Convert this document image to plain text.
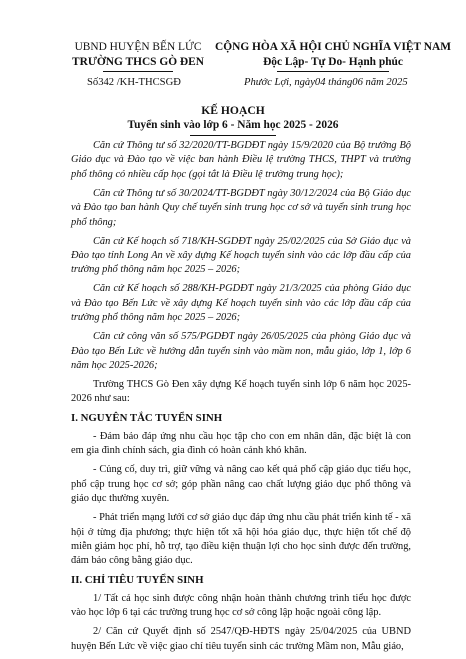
UBND HUYỆN BẾN LỨC
TRƯỜNG THCS GÒ ĐEN
CỘNG HÒA XÃ HỘI CHỦ NGHĨA VIỆT NAM
Độc Lập- Tự Do- Hạnh phúc
Số342 /KH-THCSGĐ	Phước Lợi, ngày04 tháng06 năm 2025
KẾ HOẠCH
Tuyển sinh vào lớp 6 - Năm học 2025 - 2026

Căn cứ Thông tư số 32/2020/TT-BGDĐT ngày 15/9/2020 của Bộ trưởng Bộ Giáo dục và Đào tạo về việc ban hành Điều lệ trường THCS, THPT và trường phổ thông có nhiều cấp học (gọi tắt là Điều lệ trường trung học);

Căn cứ Thông tư số 30/2024/TT-BGDĐT ngày 30/12/2024 của Bộ Giáo dục và Đào tạo ban hành Quy chế tuyển sinh trung học cơ sở và tuyển sinh trung học phổ thông;

Căn cứ Kế hoạch số 718/KH-SGDĐT ngày 25/02/2025 của Sở Giáo dục và Đào tạo tỉnh Long An về xây dựng Kế hoạch tuyển sinh vào các lớp đầu cấp của trường phổ thông năm học 2025 – 2026;

Căn cứ Kế hoạch số 288/KH-PGDĐT ngày 21/3/2025 của phòng Giáo dục và Đào tạo Bến Lức về xây dựng Kế hoạch tuyển sinh vào các lớp đầu cấp của trường phổ thông năm học 2025 – 2026;

Căn cứ công văn số 575/PGDĐT ngày 26/05/2025 của phòng Giáo dục và Đào tạo Bến Lức về hướng dẫn tuyển sinh vào mầm non, mẫu giáo, lớp 1, lớp 6 năm học 2025-2026;

Trường THCS Gò Đen xây dựng Kế hoạch tuyển sinh lớp 6 năm học 2025-2026 như sau:

I. NGUYÊN TẮC TUYỂN SINH

- Đảm bảo đáp ứng nhu cầu học tập cho con em nhân dân, đặc biệt là con em gia đình chính sách, gia đình có hoàn cảnh khó khăn.

- Củng cố, duy trì, giữ vững và nâng cao kết quả phổ cập giáo dục tiểu học, phổ cập trung học cơ sở; góp phần nâng cao chất lượng giáo dục phổ thông và giáo dục thường xuyên.

- Phát triển mạng lưới cơ sở giáo dục đáp ứng nhu cầu phát triển kinh tế - xã hội ở từng địa phương; thực hiện tốt xã hội hóa giáo dục, thực hiện tốt chế độ miễn giảm học phí, hỗ trợ, tạo điều kiện thuận lợi cho học sinh được đến trường, đảm bảo công bằng giáo dục.

II. CHỈ TIÊU TUYỂN SINH

1/ Tất cả học sinh được công nhận hoàn thành chương trình tiểu học được vào học lớp 6 tại các trường trung học cơ sở công lập hoặc ngoài công lập.

2/ Căn cứ Quyết định số 2547/QĐ-HĐTS ngày 25/04/2025 của UBND huyện Bến Lức về việc giao chỉ tiêu tuyển sinh các trường Mầm non, Mẫu giáo,
